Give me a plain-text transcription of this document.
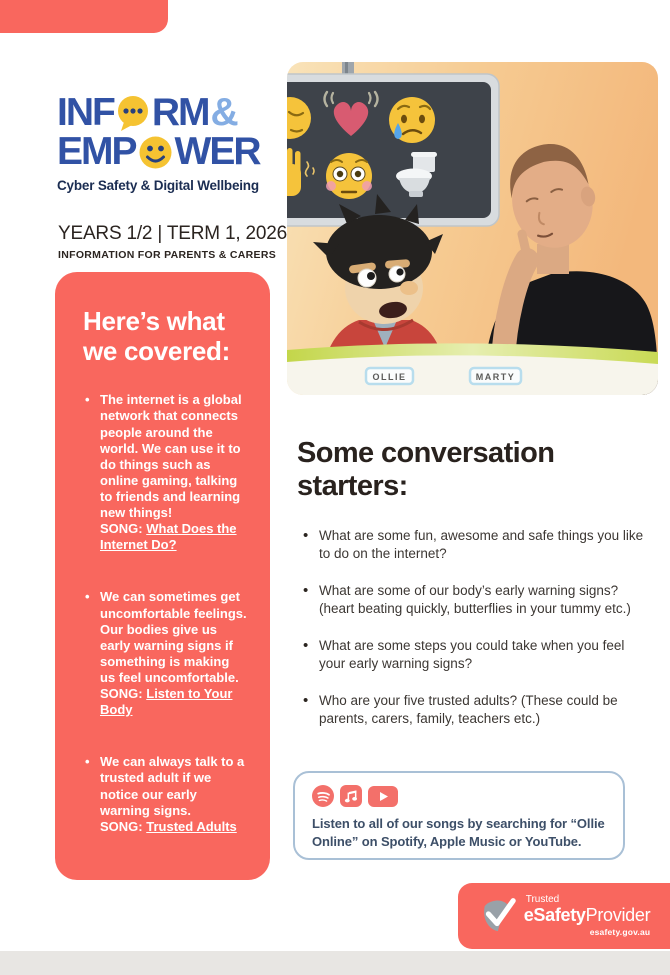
INF RM &
EMP WER
Cyber Safety & Digital Wellbeing
YEARS 1/2 | TERM 1, 2026
INFORMATION FOR PARENTS & CARERS
Here’s what we covered:
• The internet is a global network that connects people around the world. We can use it to do things such as online gaming, talking to friends and learning new things!
SONG: What Does the Internet Do?
• We can sometimes get uncomfortable feelings. Our bodies give us early warning signs if something is making us feel uncomfortable.
SONG: Listen to Your Body
• We can always talk to a trusted adult if we notice our early warning signs.
SONG: Trusted Adults
OLLIE	MARTY
Some conversation starters:
• What are some fun, awesome and safe things you like to do on the internet?
• What are some of our body’s early warning signs? (heart beating quickly, butterflies in your tummy etc.)
• What are some steps you could take when you feel your early warning signs?
• Who are your five trusted adults? (These could be parents, carers, family, teachers etc.)

Listen to all of our songs by searching for “Ollie Online” on Spotify, Apple Music or YouTube.

Trusted
eSafetyProvider
esafety.gov.au
